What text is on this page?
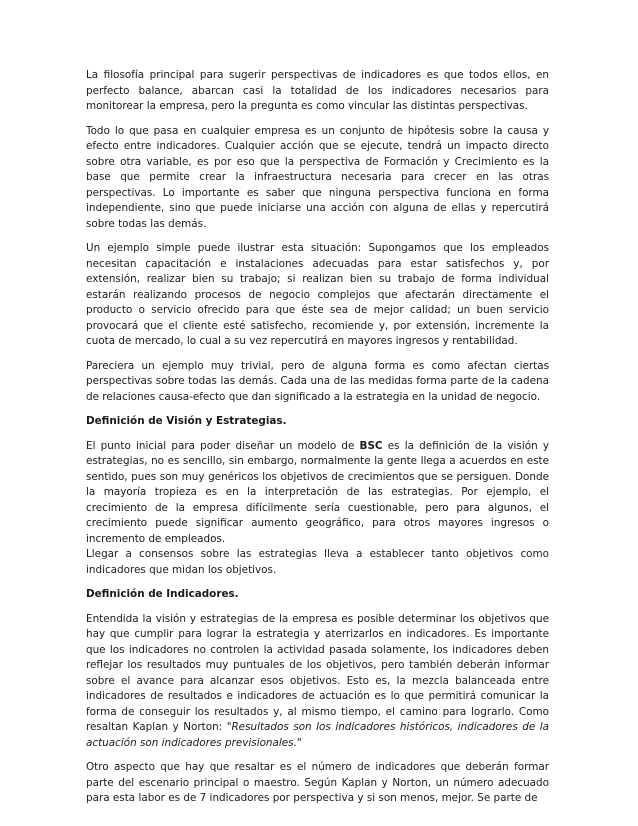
La filosofía principal para sugerir perspectivas de indicadores es que todos ellos, en perfecto balance, abarcan casi la totalidad de los indicadores necesarios para monitorear la empresa, pero la pregunta es como vincular las distintas perspectivas.

Todo lo que pasa en cualquier empresa es un conjunto de hipótesis sobre la causa y efecto entre indicadores. Cualquier acción que se ejecute, tendrá un impacto directo sobre otra variable, es por eso que la perspectiva de Formación y Crecimiento es la base que permite crear la infraestructura necesaria para crecer en las otras perspectivas. Lo importante es saber que ninguna perspectiva funciona en forma independiente, sino que puede iniciarse una acción con alguna de ellas y repercutirá sobre todas las demás.

Un ejemplo simple puede ilustrar esta situación: Supongamos que los empleados necesitan capacitación e instalaciones adecuadas para estar satisfechos y, por extensión, realizar bien su trabajo; si realizan bien su trabajo de forma individual estarán realizando procesos de negocio complejos que afectarán directamente el producto o servicio ofrecido para que éste sea de mejor calidad; un buen servicio provocará que el cliente esté satisfecho, recomiende y, por extensión, incremente la cuota de mercado, lo cual a su vez repercutirá en mayores ingresos y rentabilidad.

Pareciera un ejemplo muy trivial, pero de alguna forma es como afectan ciertas perspectivas sobre todas las demás. Cada una de las medidas forma parte de la cadena de relaciones causa-efecto que dan significado a la estrategia en la unidad de negocio.

Definición de Visión y Estrategias.

El punto inicial para poder diseñar un modelo de BSC es la definición de la visión y estrategias, no es sencillo, sin embargo, normalmente la gente llega a acuerdos en este sentido, pues son muy genéricos los objetivos de crecimientos que se persiguen. Donde la mayoría tropieza es en la interpretación de las estrategias. Por ejemplo, el crecimiento de la empresa difícilmente sería cuestionable, pero para algunos, el crecimiento puede significar aumento geográfico, para otros mayores ingresos o incremento de empleados.

Llegar a consensos sobre las estrategias lleva a establecer tanto objetivos como indicadores que midan los objetivos.

Definición de Indicadores.

Entendida la visión y estrategias de la empresa es posible determinar los objetivos que hay que cumplir para lograr la estrategia y aterrizarlos en indicadores. Es importante que los indicadores no controlen la actividad pasada solamente, los indicadores deben reflejar los resultados muy puntuales de los objetivos, pero también deberán informar sobre el avance para alcanzar esos objetivos. Esto es, la mezcla balanceada entre indicadores de resultados e indicadores de actuación es lo que permitirá comunicar la forma de conseguir los resultados y, al mismo tiempo, el camino para lograrlo. Como resaltan Kaplan y Norton: "Resultados son los indicadores históricos, indicadores de la actuación son indicadores previsionales."

Otro aspecto que hay que resaltar es el número de indicadores que deberán formar parte del escenario principal o maestro. Según Kaplan y Norton, un número adecuado para esta labor es de 7 indicadores por perspectiva y si son menos, mejor. Se parte de
